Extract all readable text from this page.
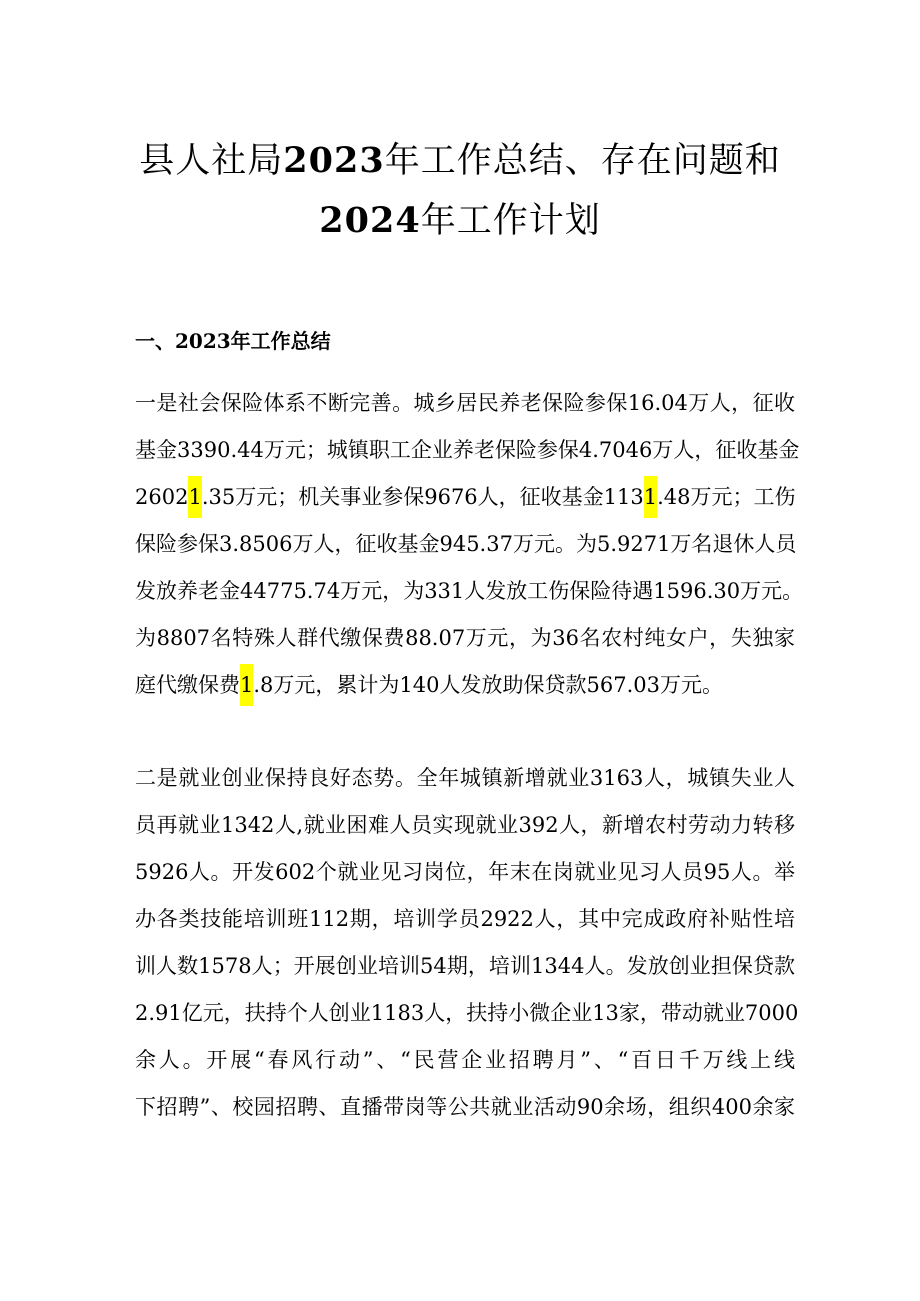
县人社局2023年工作总结、存在问题和
2024年工作计划
一、2023年工作总结

一是社会保险体系不断完善。城乡居民养老保险参保16.04万人，征收

基金3390.44万元；城镇职工企业养老保险参保4.7046万人，征收基金

26021.35万元；机关事业参保9676人，征收基金1131.48万元；工伤

保险参保3.8506万人，征收基金945.37万元。为5.9271万名退休人员

发放养老金44775.74万元，为331人发放工伤保险待遇1596.30万元。

为8807名特殊人群代缴保费88.07万元，为36名农村纯女户，失独家

庭代缴保费1.8万元，累计为140人发放助保贷款567.03万元。

二是就业创业保持良好态势。全年城镇新增就业3163人，城镇失业人

员再就业1342人,就业困难人员实现就业392人，新增农村劳动力转移

5926人。开发602个就业见习岗位，年末在岗就业见习人员95人。举

办各类技能培训班112期，培训学员2922人，其中完成政府补贴性培

训人数1578人；开展创业培训54期，培训1344人。发放创业担保贷款

2.91亿元，扶持个人创业1183人，扶持小微企业13家，带动就业7000

余人。开展“春风行动”、“民营企业招聘月”、“百日千万线上线

下招聘”、校园招聘、直播带岗等公共就业活动90余场，组织400余家
